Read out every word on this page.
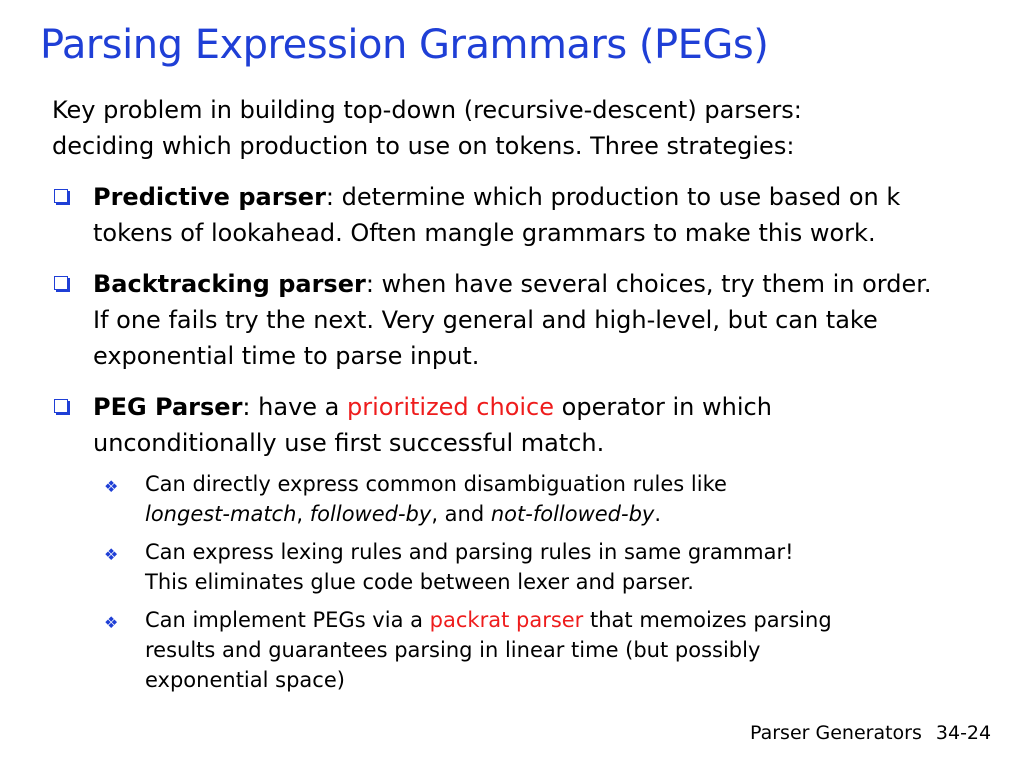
Parsing Expression Grammars (PEGs)
Key problem in building top-down (recursive-descent) parsers:
deciding which production to use on tokens. Three strategies:
Predictive parser: determine which production to use based on k
tokens of lookahead. Often mangle grammars to make this work.
Backtracking parser: when have several choices, try them in order.
If one fails try the next. Very general and high-level, but can take
exponential time to parse input.
PEG Parser: have a prioritized choice operator in which
unconditionally use first successful match.
❖ Can directly express common disambiguation rules like
longest-match, followed-by, and not-followed-by.
❖ Can express lexing rules and parsing rules in same grammar!
This eliminates glue code between lexer and parser.
❖ Can implement PEGs via a packrat parser that memoizes parsing
results and guarantees parsing in linear time (but possibly
exponential space)
Parser Generators 34-24
